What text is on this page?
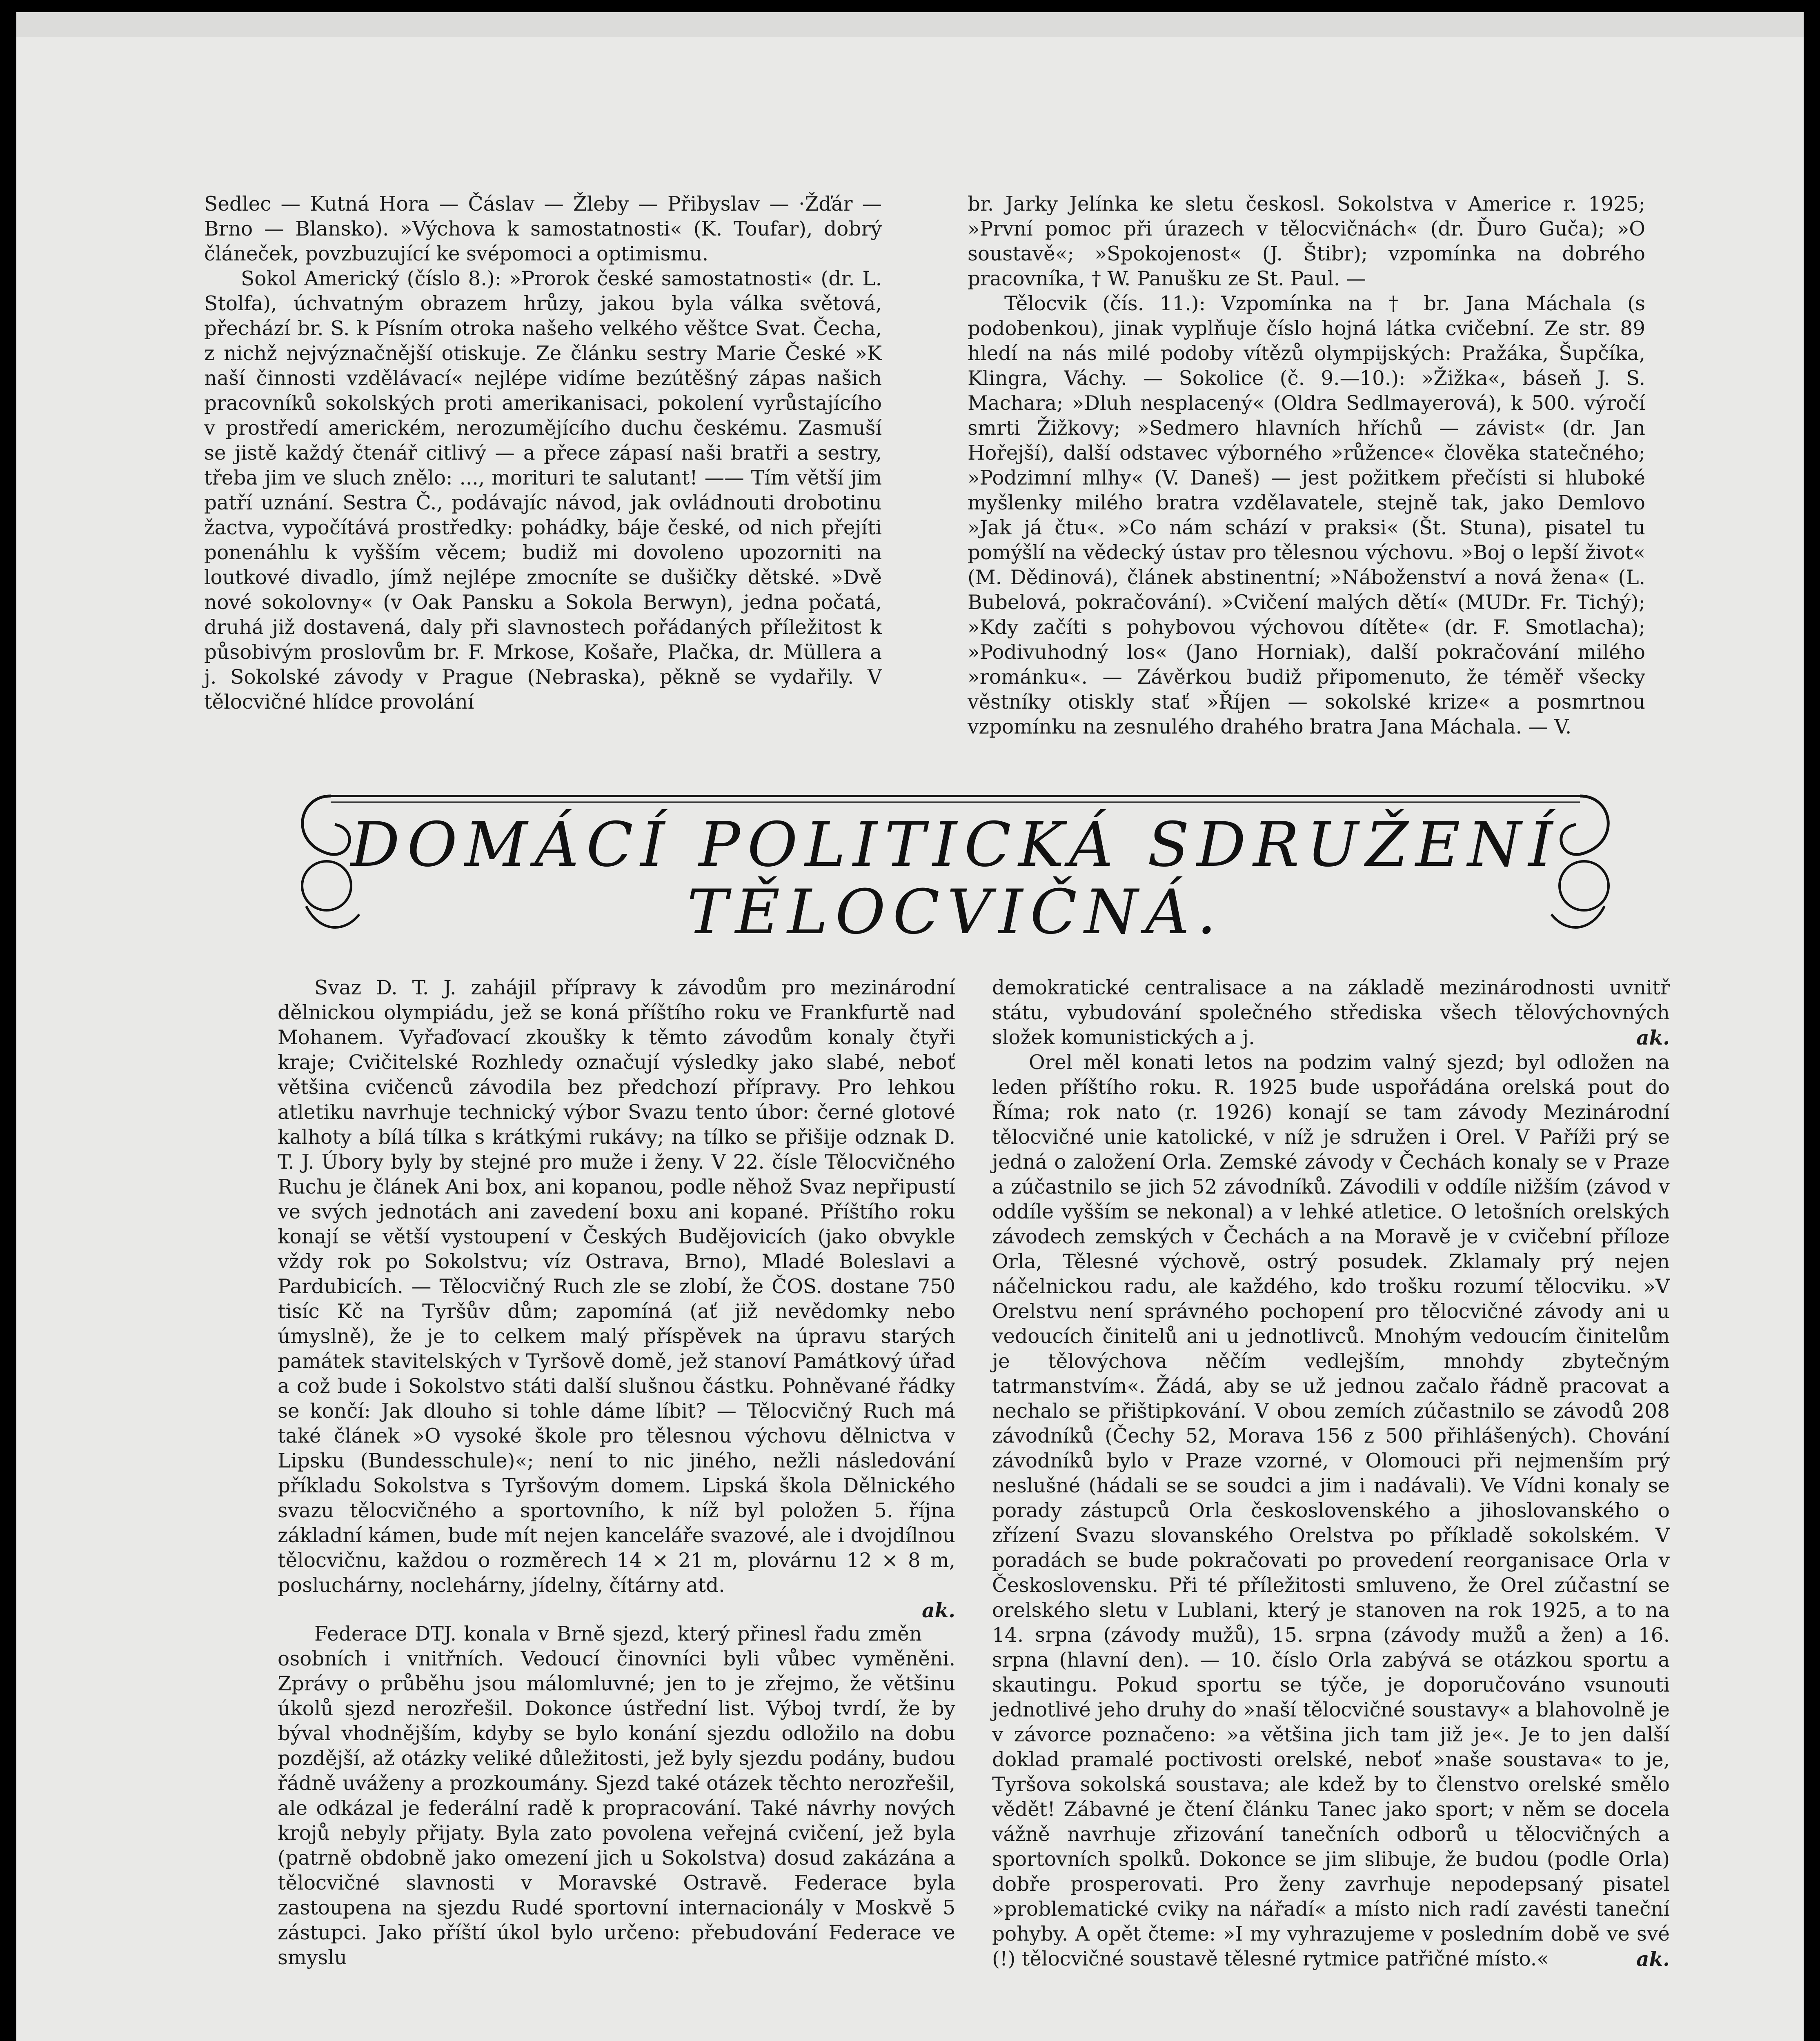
Sedlec — Kutná Hora — Čáslav — Žleby — Přibyslav — ·Žďár — Brno — Blansko). »Výchova k samostatnosti« (K. Toufar), dobrý článeček, povzbuzující ke svépomoci a optimismu.

Sokol Americký (číslo 8.): »Prorok české samostatnosti« (dr. L. Stolfa), úchvatným obrazem hrůzy, jakou byla válka světová, přechází br. S. k Písním otroka našeho velkého věštce Svat. Čecha, z nichž nejvýznačnější otiskuje. Ze článku sestry Marie České »K naší činnosti vzdělávací« nejlépe vidíme bezútěšný zápas našich pracovníků sokolských proti amerikanisaci, pokolení vyrůstajícího v prostředí americkém, nerozumějícího duchu českému. Zasmuší se jistě každý čtenář citlivý — a přece zápasí naši bratři a sestry, třeba jim ve sluch znělo: ..., morituri te salutant! —— Tím větší jim patří uznání. Sestra Č., podávajíc návod, jak ovládnouti drobotinu žactva, vypočítává prostředky: pohádky, báje české, od nich přejíti ponenáhlu k vyšším věcem; budiž mi dovoleno upozorniti na loutkové divadlo, jímž nejlépe zmocníte se dušičky dětské. »Dvě nové sokolovny« (v Oak Pansku a Sokola Berwyn), jedna počatá, druhá již dostavená, daly při slavnostech pořádaných příležitost k působivým proslovům br. F. Mrkose, Košaře, Plačka, dr. Müllera a j. Sokolské závody v Prague (Nebraska), pěkně se vydařily. V tělocvičné hlídce provolání

br. Jarky Jelínka ke sletu českosl. Sokolstva v Americe r. 1925; »První pomoc při úrazech v tělocvičnách« (dr. Ďuro Guča); »O soustavě«; »Spokojenost« (J. Štibr); vzpomínka na dobrého pracovníka, † W. Panušku ze St. Paul. —

Tělocvik (čís. 11.): Vzpomínka na † br. Jana Máchala (s podobenkou), jinak vyplňuje číslo hojná látka cvičební. Ze str. 89 hledí na nás milé podoby vítězů olympijských: Pražáka, Šupčíka, Klingra, Váchy. — Sokolice (č. 9.—10.): »Žižka«, báseň J. S. Machara; »Dluh nesplacený« (Oldra Sedlmayerová), k 500. výročí smrti Žižkovy; »Sedmero hlavních hříchů — závist« (dr. Jan Hořejší), další odstavec výborného »růžence« člověka statečného; »Podzimní mlhy« (V. Daneš) — jest požitkem přečísti si hluboké myšlenky milého bratra vzdělavatele, stejně tak, jako Demlovo »Jak já čtu«. »Co nám schází v praksi« (Št. Stuna), pisatel tu pomýšlí na vědecký ústav pro tělesnou výchovu. »Boj o lepší život« (M. Dědinová), článek abstinentní; »Náboženství a nová žena« (L. Bubelová, pokračování). »Cvičení malých dětí« (MUDr. Fr. Tichý); »Kdy začíti s pohybovou výchovou dítěte« (dr. F. Smotlacha); »Podivuhodný los« (Jano Horniak), další pokračování milého »románku«. — Závěrkou budiž připomenuto, že téměř všecky věstníky otiskly stať »Říjen — sokolské krize« a posmrtnou vzpomínku na zesnulého drahého bratra Jana Máchala. — V.

DOMÁCÍ POLITICKÁ SDRUŽENÍ
TĚLOCVIČNÁ.

Svaz D. T. J. zahájil přípravy k závodům pro mezinárodní dělnickou olympiádu, jež se koná příštího roku ve Frankfurtě nad Mohanem. Vyřaďovací zkoušky k těmto závodům konaly čtyři kraje; Cvičitelské Rozhledy označují výsledky jako slabé, neboť většina cvičenců závodila bez předchozí přípravy. Pro lehkou atletiku navrhuje technický výbor Svazu tento úbor: černé glotové kalhoty a bílá tílka s krátkými rukávy; na tílko se přišije odznak D. T. J. Úbory byly by stejné pro muže i ženy. V 22. čísle Tělocvičného Ruchu je článek Ani box, ani kopanou, podle něhož Svaz nepřipustí ve svých jednotách ani zavedení boxu ani kopané. Příštího roku konají se větší vystoupení v Českých Budějovicích (jako obvykle vždy rok po Sokolstvu; víz Ostrava, Brno), Mladé Boleslavi a Pardubicích. — Tělocvičný Ruch zle se zlobí, že ČOS. dostane 750 tisíc Kč na Tyršův dům; zapomíná (ať již nevědomky nebo úmyslně), že je to celkem malý příspěvek na úpravu starých památek stavitelských v Tyršově domě, jež stanoví Památkový úřad a což bude i Sokolstvo státi další slušnou částku. Pohněvané řádky se končí: Jak dlouho si tohle dáme líbit? — Tělocvičný Ruch má také článek »O vysoké škole pro tělesnou výchovu dělnictva v Lipsku (Bundesschule)«; není to nic jiného, nežli následování příkladu Sokolstva s Tyršovým domem. Lipská škola Dělnického svazu tělocvičného a sportovního, k níž byl položen 5. října základní kámen, bude mít nejen kanceláře svazové, ale i dvojdílnou tělocvičnu, každou o rozměrech 14 × 21 m, plovárnu 12 × 8 m, posluchárny, noclehárny, jídelny, čítárny atd.

ak.

Federace DTJ. konala v Brně sjezd, který přinesl řadu změn osobních i vnitřních. Vedoucí činovníci byli vůbec vyměněni. Zprávy o průběhu jsou málomluvné; jen to je zřejmo, že většinu úkolů sjezd nerozřešil. Dokonce ústřední list. Výboj tvrdí, že by býval vhodnějším, kdyby se bylo konání sjezdu odložilo na dobu pozdější, až otázky veliké důležitosti, jež byly sjezdu podány, budou řádně uváženy a prozkoumány. Sjezd také otázek těchto nerozřešil, ale odkázal je federální radě k propracování. Také návrhy nových krojů nebyly přijaty. Byla zato povolena veřejná cvičení, jež byla (patrně obdobně jako omezení jich u Sokolstva) dosud zakázána a tělocvičné slavnosti v Moravské Ostravě. Federace byla zastoupena na sjezdu Rudé sportovní internacionály v Moskvě 5 zástupci. Jako příští úkol bylo určeno: přebudování Federace ve smyslu

demokratické centralisace a na základě mezinárodnosti uvnitř státu, vybudování společného střediska všech tělovýchovných složek komunistických a j.	ak.

Orel měl konati letos na podzim valný sjezd; byl odložen na leden příštího roku. R. 1925 bude uspořádána orelská pout do Říma; rok nato (r. 1926) konají se tam závody Mezinárodní tělocvičné unie katolické, v níž je sdružen i Orel. V Paříži prý se jedná o založení Orla. Zemské závody v Čechách konaly se v Praze a zúčastnilo se jich 52 závodníků. Závodili v oddíle nižším (závod v oddíle vyšším se nekonal) a v lehké atletice. O letošních orelských závodech zemských v Čechách a na Moravě je v cvičební příloze Orla, Tělesné výchově, ostrý posudek. Zklamaly prý nejen náčelnickou radu, ale každého, kdo trošku rozumí tělocviku. »V Orelstvu není správného pochopení pro tělocvičné závody ani u vedoucích činitelů ani u jednotlivců. Mnohým vedoucím činitelům je tělovýchova něčím vedlejším, mnohdy zbytečným tatrmanstvím«. Žádá, aby se už jednou začalo řádně pracovat a nechalo se přištipkování. V obou zemích zúčastnilo se závodů 208 závodníků (Čechy 52, Morava 156 z 500 přihlášených). Chování závodníků bylo v Praze vzorné, v Olomouci při nejmenším prý neslušné (hádali se se soudci a jim i nadávali). Ve Vídni konaly se porady zástupců Orla československého a jihoslovanského o zřízení Svazu slovanského Orelstva po příkladě sokolském. V poradách se bude pokračovati po provedení reorganisace Orla v Československu. Při té příležitosti smluveno, že Orel zúčastní se orelského sletu v Lublani, který je stanoven na rok 1925, a to na 14. srpna (závody mužů), 15. srpna (závody mužů a žen) a 16. srpna (hlavní den). — 10. číslo Orla zabývá se otázkou sportu a skautingu. Pokud sportu se týče, je doporučováno vsunouti jednotlivé jeho druhy do »naší tělocvičné soustavy« a blahovolně je v závorce poznačeno: »a většina jich tam již je«. Je to jen další doklad pramalé poctivosti orelské, neboť »naše soustava« to je, Tyršova sokolská soustava; ale kdež by to členstvo orelské smělo vědět! Zábavné je čtení článku Tanec jako sport; v něm se docela vážně navrhuje zřizování tanečních odborů u tělocvičných a sportovních spolků. Dokonce se jim slibuje, že budou (podle Orla) dobře prosperovati. Pro ženy zavrhuje nepodepsaný pisatel »problematické cviky na nářadí« a místo nich radí zavésti taneční pohyby. A opět čteme: »I my vyhrazujeme v posledním době ve své (!) tělocvičné soustavě tělesné rytmice patřičné místo.«	ak.
